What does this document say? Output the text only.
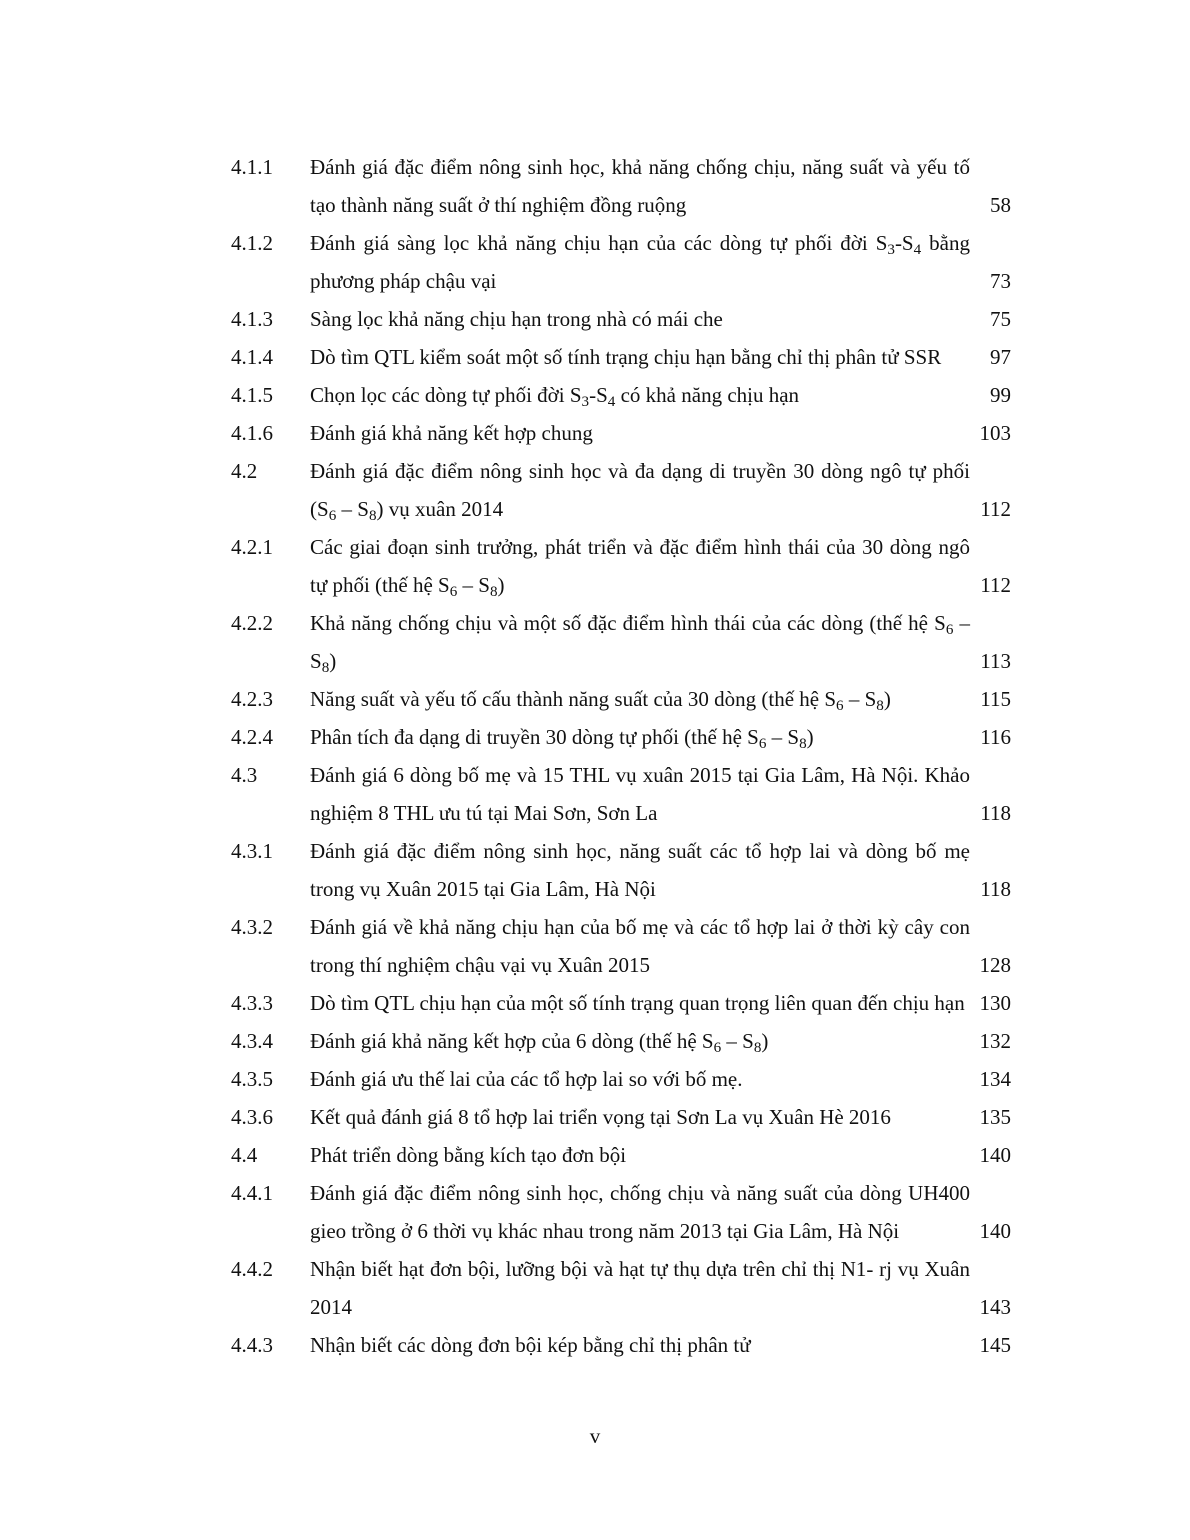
4.1.1	Đánh giá đặc điểm nông sinh học, khả năng chống chịu, năng suất và yếu tố tạo thành năng suất ở thí nghiệm đồng ruộng	58
4.1.2	Đánh giá sàng lọc khả năng chịu hạn của các dòng tự phối đời $S_3-S_4$ bằng phương pháp chậu vại	73
4.1.3	Sàng lọc khả năng chịu hạn trong nhà có mái che	75
4.1.4	Dò tìm QTL kiểm soát một số tính trạng chịu hạn bằng chỉ thị phân tử SSR	97
4.1.5	Chọn lọc các dòng tự phối đời $S_3-S_4$ có khả năng chịu hạn	99
4.1.6	Đánh giá khả năng kết hợp chung	103
4.2	Đánh giá đặc điểm nông sinh học và đa dạng di truyền 30 dòng ngô tự phối $(S_6 - S_8)$ vụ xuân 2014	112
4.2.1	Các giai đoạn sinh trưởng, phát triển và đặc điểm hình thái của 30 dòng ngô tự phối (thế hệ $S_6 - S_8$)	112
4.2.2	Khả năng chống chịu và một số đặc điểm hình thái của các dòng (thế hệ $S_6 - S_8$)	113
4.2.3	Năng suất và yếu tố cấu thành năng suất của 30 dòng (thế hệ $S_6 - S_8$)	115
4.2.4	Phân tích đa dạng di truyền 30 dòng tự phối (thế hệ $S_6 - S_8$)	116
4.3	Đánh giá 6 dòng bố mẹ và 15 THL vụ xuân 2015 tại Gia Lâm, Hà Nội. Khảo nghiệm 8 THL ưu tú tại Mai Sơn, Sơn La	118
4.3.1	Đánh giá đặc điểm nông sinh học, năng suất các tổ hợp lai và dòng bố mẹ trong vụ Xuân 2015 tại Gia Lâm, Hà Nội	118
4.3.2	Đánh giá về khả năng chịu hạn của bố mẹ và các tổ hợp lai ở thời kỳ cây con trong thí nghiệm chậu vại vụ Xuân 2015	128
4.3.3	Dò tìm QTL chịu hạn của một số tính trạng quan trọng liên quan đến chịu hạn 130
4.3.4	Đánh giá khả năng kết hợp của 6 dòng (thế hệ $S_6 - S_8$)	132
4.3.5	Đánh giá ưu thế lai của các tổ hợp lai so với bố mẹ.	134
4.3.6	Kết quả đánh giá 8 tổ hợp lai triển vọng tại Sơn La vụ Xuân Hè 2016	135
4.4	Phát triển dòng bằng kích tạo đơn bội	140
4.4.1	Đánh giá đặc điểm nông sinh học, chống chịu và năng suất của dòng UH400 gieo trồng ở 6 thời vụ khác nhau trong năm 2013 tại Gia Lâm, Hà Nội	140
4.4.2	Nhận biết hạt đơn bội, lưỡng bội và hạt tự thụ dựa trên chỉ thị N1- rj vụ Xuân 2014	143
4.4.3	Nhận biết các dòng đơn bội kép bằng chỉ thị phân tử	145
v
